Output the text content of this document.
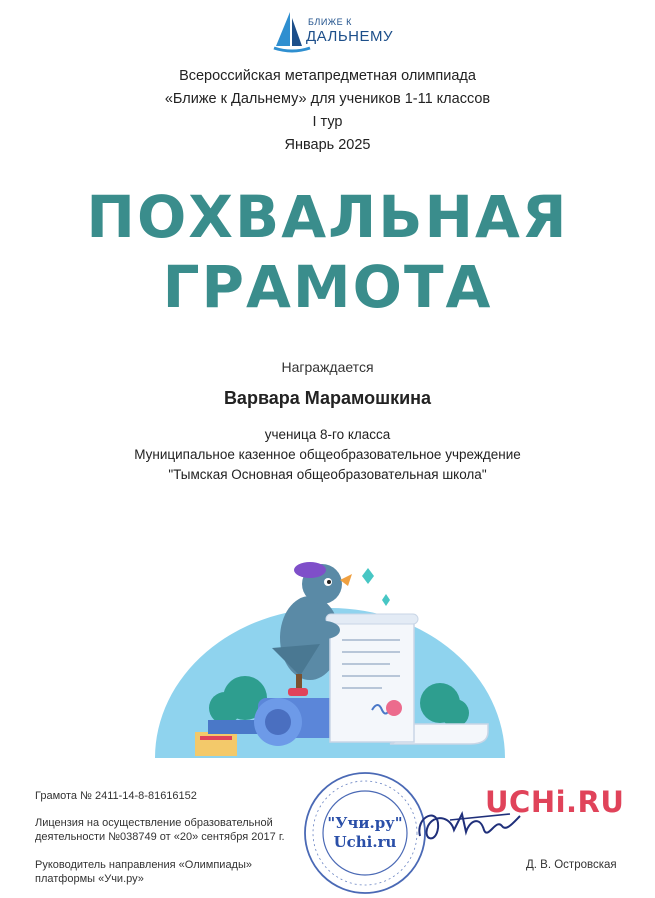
БЛИЖЕ К
ДАЛЬНЕМУ
Всероссийская метапредметная олимпиада
«Ближе к Дальнему» для учеников 1-11 классов
I тур
Январь 2025
ПОХВАЛЬНАЯ
ГРАМОТА
Награждается
Варвара Марамошкина
ученица 8-го класса
Муниципальное казенное общеобразовательное учреждение
"Тымская Основная общеобразовательная школа"
Грамота № 2411-14-8-81616152
Лицензия на осуществление образовательной
деятельности №038749 от «20» сентября 2017 г.
Руководитель направления «Олимпиады»
платформы «Учи.ру»
"Учи.ру"
Uchi.ru
UCHi.RU
Д. В. Островская
